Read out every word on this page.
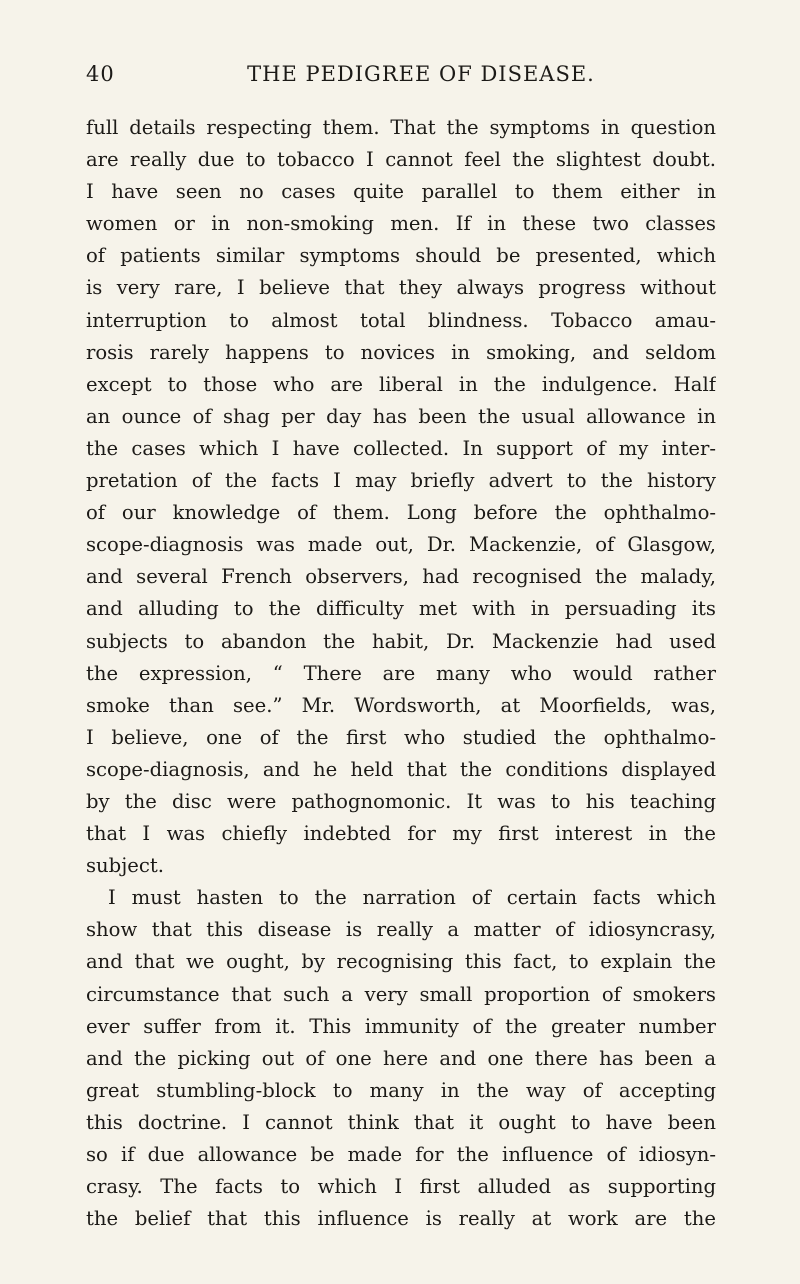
40	THE PEDIGREE OF DISEASE.
full details respecting them. That the symptoms in question
are really due to tobacco I cannot feel the slightest doubt.
I have seen no cases quite parallel to them either in
women or in non-smoking men. If in these two classes
of patients similar symptoms should be presented, which
is very rare, I believe that they always progress without
interruption to almost total blindness. Tobacco amau-
rosis rarely happens to novices in smoking, and seldom
except to those who are liberal in the indulgence. Half
an ounce of shag per day has been the usual allowance in
the cases which I have collected. In support of my inter-
pretation of the facts I may briefly advert to the history
of our knowledge of them. Long before the ophthalmo-
scope-diagnosis was made out, Dr. Mackenzie, of Glasgow,
and several French observers, had recognised the malady,
and alluding to the difficulty met with in persuading its
subjects to abandon the habit, Dr. Mackenzie had used
the expression, “ There are many who would rather
smoke than see.” Mr. Wordsworth, at Moorfields, was,
I believe, one of the first who studied the ophthalmo-
scope-diagnosis, and he held that the conditions displayed
by the disc were pathognomonic. It was to his teaching
that I was chiefly indebted for my first interest in the
subject.
I must hasten to the narration of certain facts which
show that this disease is really a matter of idiosyncrasy,
and that we ought, by recognising this fact, to explain the
circumstance that such a very small proportion of smokers
ever suffer from it. This immunity of the greater number
and the picking out of one here and one there has been a
great stumbling-block to many in the way of accepting
this doctrine. I cannot think that it ought to have been
so if due allowance be made for the influence of idiosyn-
crasy. The facts to which I first alluded as supporting
the belief that this influence is really at work are the
